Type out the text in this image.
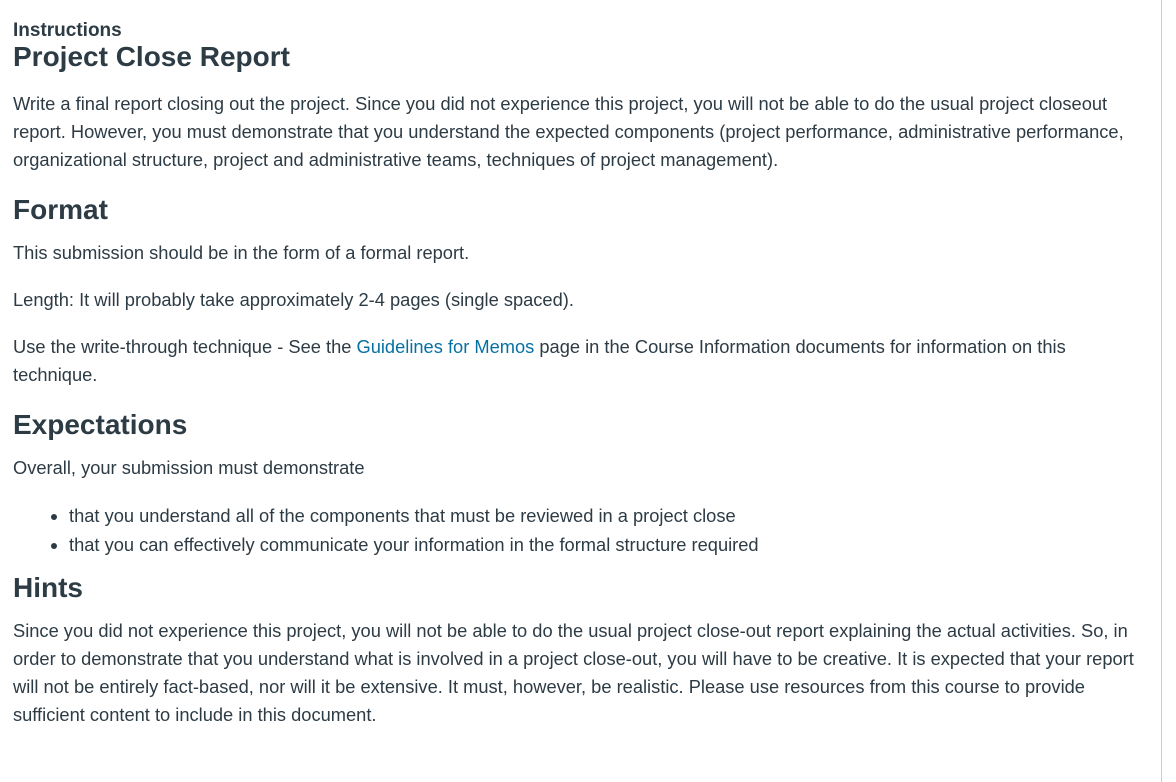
Instructions
Project Close Report

Write a final report closing out the project. Since you did not experience this project, you will not be able to do the usual project closeout report. However, you must demonstrate that you understand the expected components (project performance, administrative performance, organizational structure, project and administrative teams, techniques of project management).

Format

This submission should be in the form of a formal report.

Length: It will probably take approximately 2-4 pages (single spaced).

Use the write-through technique - See the Guidelines for Memos page in the Course Information documents for information on this technique.

Expectations

Overall, your submission must demonstrate

• that you understand all of the components that must be reviewed in a project close
• that you can effectively communicate your information in the formal structure required
Hints

Since you did not experience this project, you will not be able to do the usual project close-out report explaining the actual activities. So, in order to demonstrate that you understand what is involved in a project close-out, you will have to be creative. It is expected that your report will not be entirely fact-based, nor will it be extensive. It must, however, be realistic. Please use resources from this course to provide sufficient content to include in this document.
